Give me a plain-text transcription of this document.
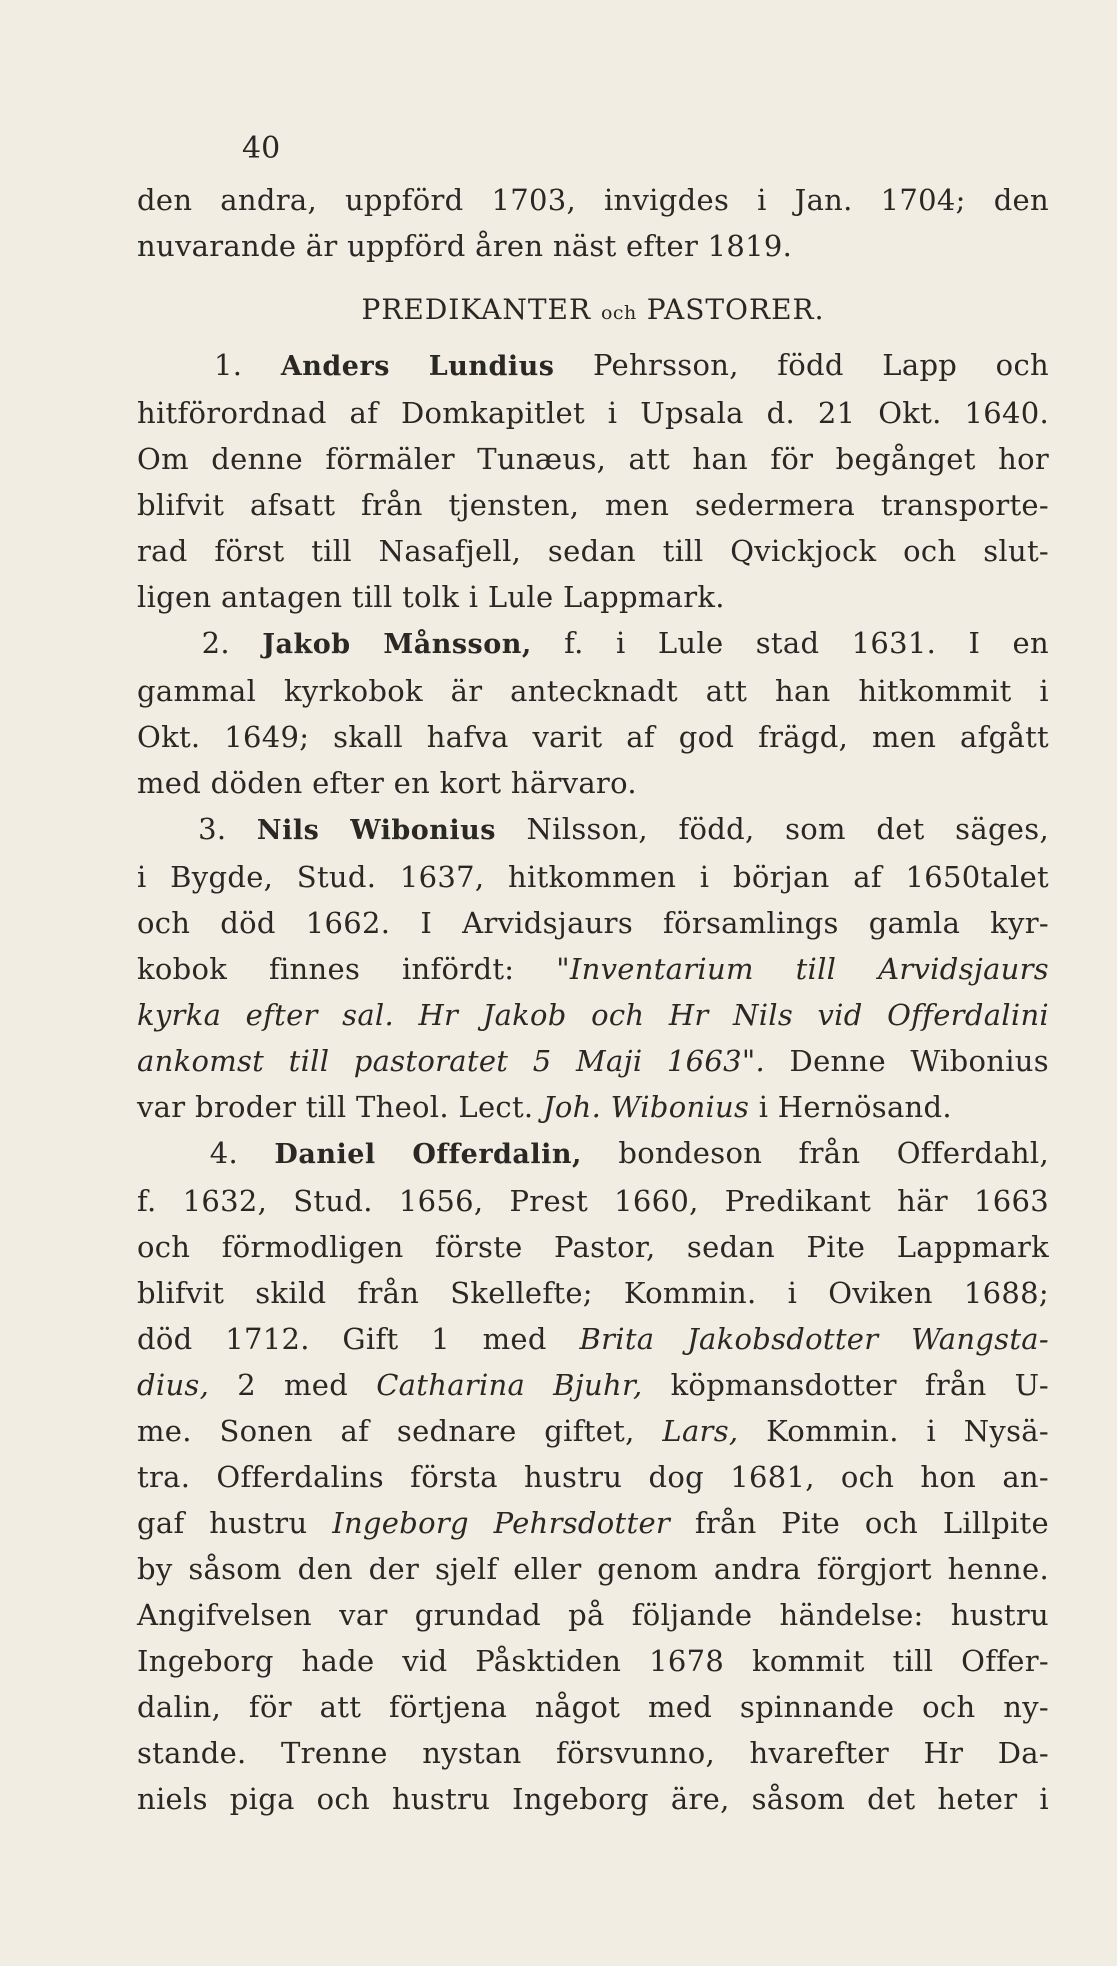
40
den andra, uppförd 1703, invigdes i Jan. 1704; den
nuvarande är uppförd åren näst efter 1819.
PREDIKANTER och PASTORER.
1. Anders Lundius Pehrsson, född Lapp och
hitförordnad af Domkapitlet i Upsala d. 21 Okt. 1640.
Om denne förmäler Tunæus, att han för begånget hor
blifvit afsatt från tjensten, men sedermera transporte-
rad först till Nasafjell, sedan till Qvickjock och slut-
ligen antagen till tolk i Lule Lappmark.
2. Jakob Månsson, f. i Lule stad 1631. I en
gammal kyrkobok är antecknadt att han hitkommit i
Okt. 1649; skall hafva varit af god frägd, men afgått
med döden efter en kort härvaro.
3. Nils Wibonius Nilsson, född, som det säges,
i Bygde, Stud. 1637, hitkommen i början af 1650talet
och död 1662. I Arvidsjaurs församlings gamla kyr-
kobok finnes infördt: "Inventarium till Arvidsjaurs
kyrka efter sal. Hr Jakob och Hr Nils vid Offerdalini
ankomst till pastoratet 5 Maji 1663". Denne Wibonius
var broder till Theol. Lect. Joh. Wibonius i Hernösand.
4. Daniel Offerdalin, bondeson från Offerdahl,
f. 1632, Stud. 1656, Prest 1660, Predikant här 1663
och förmodligen förste Pastor, sedan Pite Lappmark
blifvit skild från Skellefte; Kommin. i Oviken 1688;
död 1712. Gift 1 med Brita Jakobsdotter Wangsta-
dius, 2 med Catharina Bjuhr, köpmansdotter från U-
me. Sonen af sednare giftet, Lars, Kommin. i Nysä-
tra. Offerdalins första hustru dog 1681, och hon an-
gaf hustru Ingeborg Pehrsdotter från Pite och Lillpite
by såsom den der sjelf eller genom andra förgjort henne.
Angifvelsen var grundad på följande händelse: hustru
Ingeborg hade vid Påsktiden 1678 kommit till Offer-
dalin, för att förtjena något med spinnande och ny-
stande. Trenne nystan försvunno, hvarefter Hr Da-
niels piga och hustru Ingeborg äre, såsom det heter i
